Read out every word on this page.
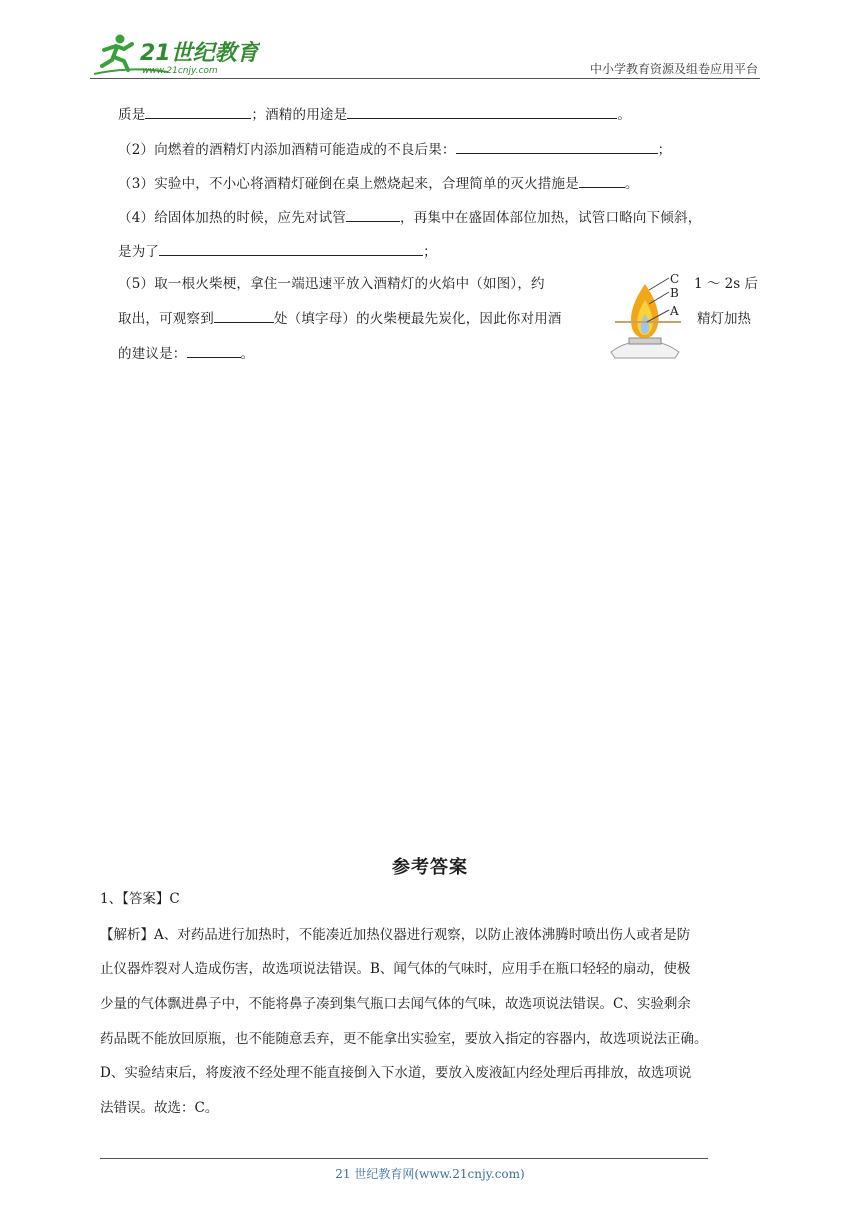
21世纪教育
www.21cnjy.com	中小学教育资源及组卷应用平台
质是	；酒精的用途是	。
（2）向燃着的酒精灯内添加酒精可能造成的不良后果：	；
（3）实验中，不小心将酒精灯碰倒在桌上燃烧起来，合理简单的灭火措施是	。
（4）给固体加热的时候，应先对试管	，再集中在盛固体部位加热，试管口略向下倾斜，
是为了	；
（5）取一根火柴梗，拿住一端迅速平放入酒精灯的火焰中（如图），约	1 ～ 2s 后
取出，可观察到	处（填字母）的火柴梗最先炭化，因此你对用酒	精灯加热
的建议是：	。
C
B
A
参考答案
1、【答案】C
【解析】A、对药品进行加热时，不能凑近加热仪器进行观察，以防止液体沸腾时喷出伤人或者是防
止仪器炸裂对人造成伤害，故选项说法错误。B、闻气体的气味时，应用手在瓶口轻轻的扇动，使极
少量的气体飘进鼻子中，不能将鼻子凑到集气瓶口去闻气体的气味，故选项说法错误。C、实验剩余
药品既不能放回原瓶，也不能随意丢弃，更不能拿出实验室，要放入指定的容器内，故选项说法正确。
D、实验结束后，将废液不经处理不能直接倒入下水道，要放入废液缸内经处理后再排放，故选项说
法错误。故选：C。
21 世纪教育网(www.21cnjy.com)
